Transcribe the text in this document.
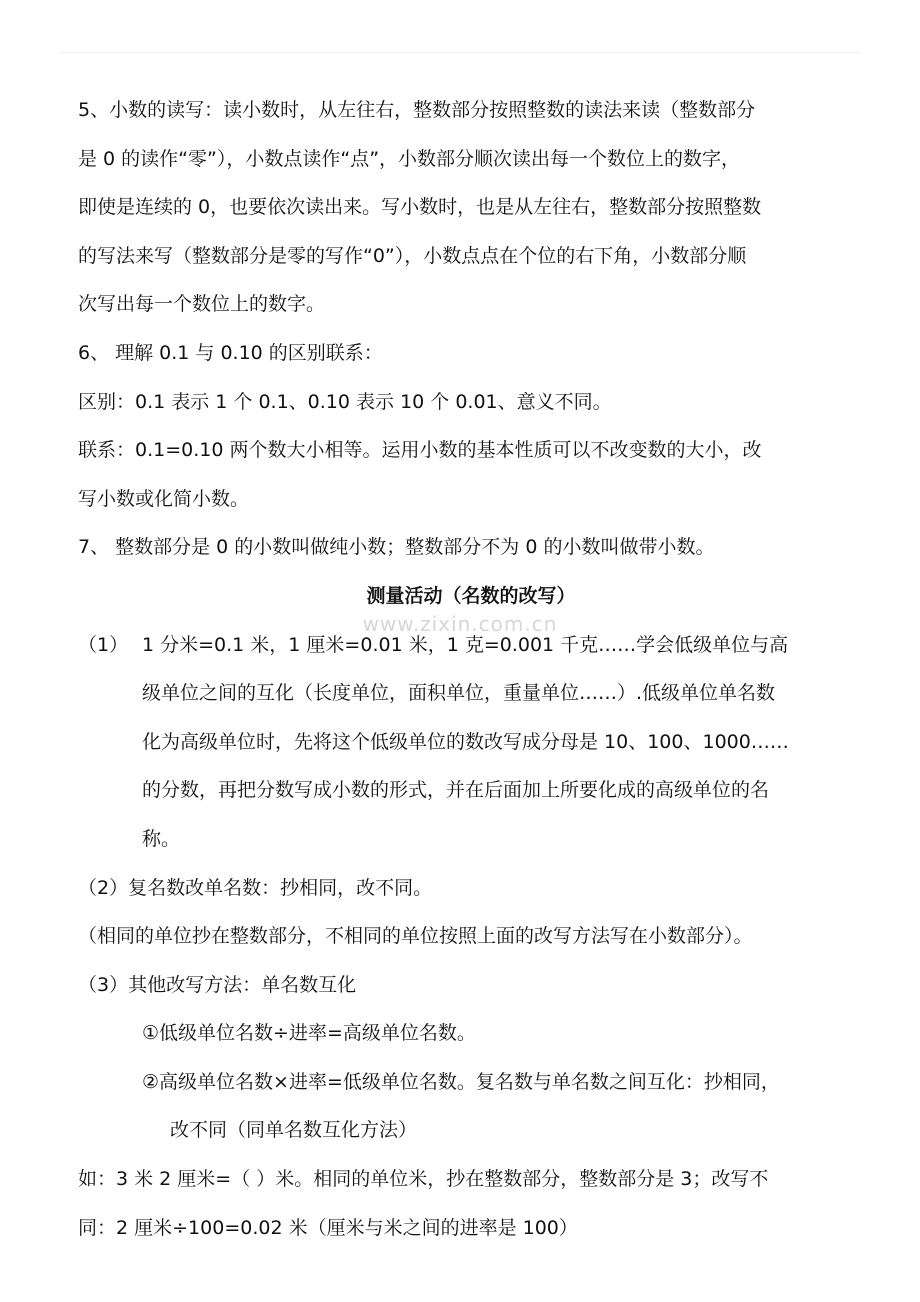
5、小数的读写：读小数时，从左往右，整数部分按照整数的读法来读（整数部分
是 0 的读作“零”），小数点读作“点”，小数部分顺次读出每一个数位上的数字，
即使是连续的 0，也要依次读出来。写小数时，也是从左往右，整数部分按照整数
的写法来写（整数部分是零的写作“0”），小数点点在个位的右下角，小数部分顺
次写出每一个数位上的数字。
6、 理解 0.1 与 0.10 的区别联系：
区别：0.1 表示 1 个 0.1、0.10 表示 10 个 0.01、意义不同。
联系：0.1=0.10 两个数大小相等。运用小数的基本性质可以不改变数的大小，改
写小数或化简小数。
7、 整数部分是 0 的小数叫做纯小数；整数部分不为 0 的小数叫做带小数。
测量活动（名数的改写）
（1） 1 分米=0.1 米，1 厘米=0.01 米，1 克=0.001 千克……学会低级单位与高
级单位之间的互化（长度单位，面积单位，重量单位……）.低级单位单名数
化为高级单位时，先将这个低级单位的数改写成分母是 10、100、1000……
的分数，再把分数写成小数的形式，并在后面加上所要化成的高级单位的名
称。
（2）复名数改单名数：抄相同，改不同。
（相同的单位抄在整数部分，不相同的单位按照上面的改写方法写在小数部分）。
（3）其他改写方法：单名数互化
①低级单位名数÷进率=高级单位名数。
②高级单位名数×进率=低级单位名数。复名数与单名数之间互化：抄相同，
改不同（同单名数互化方法）
如：3 米 2 厘米=（ ）米。相同的单位米，抄在整数部分，整数部分是 3；改写不
同：2 厘米÷100=0.02 米（厘米与米之间的进率是 100）
www.zixin.com.cn
